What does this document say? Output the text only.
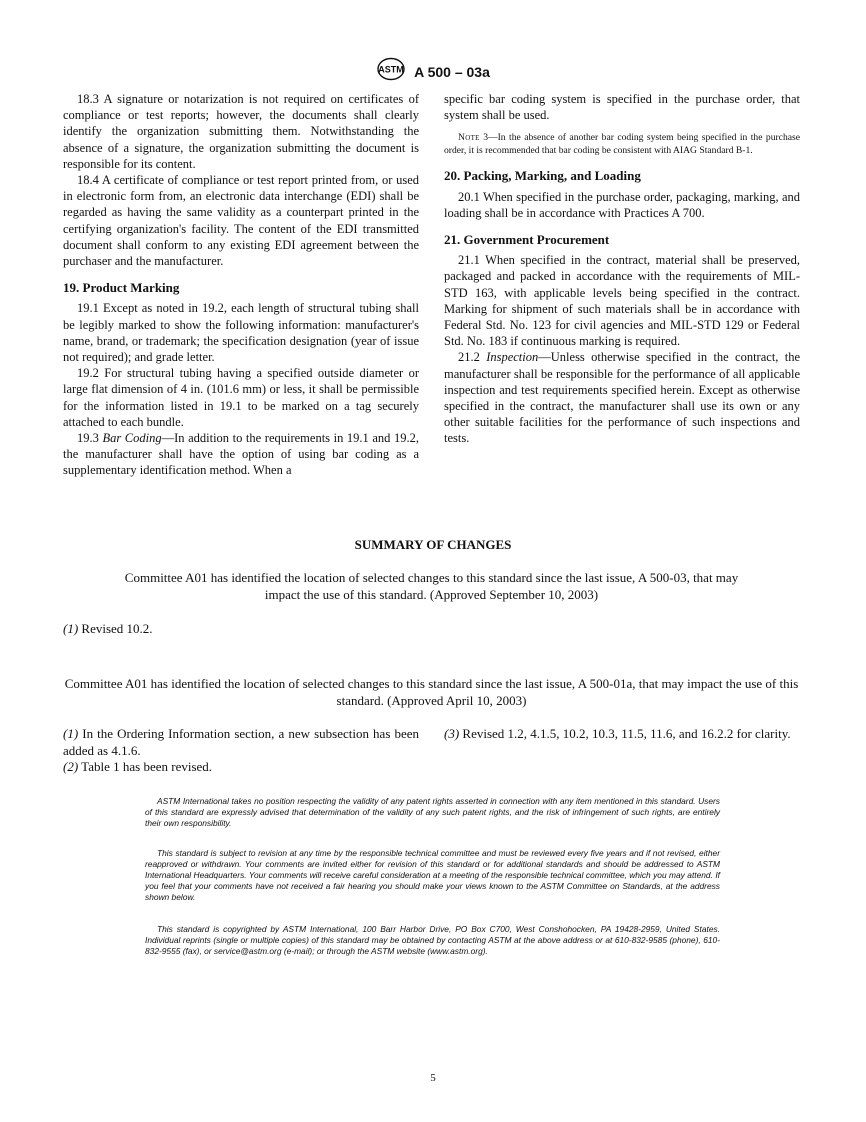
ASTM A 500 – 03a

18.3 A signature or notarization is not required on certificates of compliance or test reports; however, the documents shall clearly identify the organization submitting them. Notwithstanding the absence of a signature, the organization submitting the document is responsible for its content.

18.4 A certificate of compliance or test report printed from, or used in electronic form from, an electronic data interchange (EDI) shall be regarded as having the same validity as a counterpart printed in the certifying organization's facility. The content of the EDI transmitted document shall conform to any existing EDI agreement between the purchaser and the manufacturer.

19. Product Marking

19.1 Except as noted in 19.2, each length of structural tubing shall be legibly marked to show the following information: manufacturer's name, brand, or trademark; the specification designation (year of issue not required); and grade letter.

19.2 For structural tubing having a specified outside diameter or large flat dimension of 4 in. (101.6 mm) or less, it shall be permissible for the information listed in 19.1 to be marked on a tag securely attached to each bundle.

19.3 Bar Coding—In addition to the requirements in 19.1 and 19.2, the manufacturer shall have the option of using bar coding as a supplementary identification method. When a

specific bar coding system is specified in the purchase order, that system shall be used.

Note 3—In the absence of another bar coding system being specified in the purchase order, it is recommended that bar coding be consistent with AIAG Standard B-1.

20. Packing, Marking, and Loading

20.1 When specified in the purchase order, packaging, marking, and loading shall be in accordance with Practices A 700.

21. Government Procurement

21.1 When specified in the contract, material shall be preserved, packaged and packed in accordance with the requirements of MIL-STD 163, with applicable levels being specified in the contract. Marking for shipment of such materials shall be in accordance with Federal Std. No. 123 for civil agencies and MIL-STD 129 or Federal Std. No. 183 if continuous marking is required.

21.2 Inspection—Unless otherwise specified in the contract, the manufacturer shall be responsible for the performance of all applicable inspection and test requirements specified herein. Except as otherwise specified in the contract, the manufacturer shall use its own or any other suitable facilities for the performance of such inspections and tests.

SUMMARY OF CHANGES
Committee A01 has identified the location of selected changes to this standard since the last issue, A 500-03, that may impact the use of this standard. (Approved September 10, 2003)
(1) Revised 10.2.
Committee A01 has identified the location of selected changes to this standard since the last issue, A 500-01a, that may impact the use of this standard. (Approved April 10, 2003)

(1) In the Ordering Information section, a new subsection has been added as 4.1.6.

(2) Table 1 has been revised.

(3) Revised 1.2, 4.1.5, 10.2, 10.3, 11.5, 11.6, and 16.2.2 for clarity.

ASTM International takes no position respecting the validity of any patent rights asserted in connection with any item mentioned in this standard. Users of this standard are expressly advised that determination of the validity of any such patent rights, and the risk of infringement of such rights, are entirely their own responsibility.

This standard is subject to revision at any time by the responsible technical committee and must be reviewed every five years and if not revised, either reapproved or withdrawn. Your comments are invited either for revision of this standard or for additional standards and should be addressed to ASTM International Headquarters. Your comments will receive careful consideration at a meeting of the responsible technical committee, which you may attend. If you feel that your comments have not received a fair hearing you should make your views known to the ASTM Committee on Standards, at the address shown below.

This standard is copyrighted by ASTM International, 100 Barr Harbor Drive, PO Box C700, West Conshohocken, PA 19428-2959, United States. Individual reprints (single or multiple copies) of this standard may be obtained by contacting ASTM at the above address or at 610-832-9585 (phone), 610-832-9555 (fax), or service@astm.org (e-mail); or through the ASTM website (www.astm.org).

5
